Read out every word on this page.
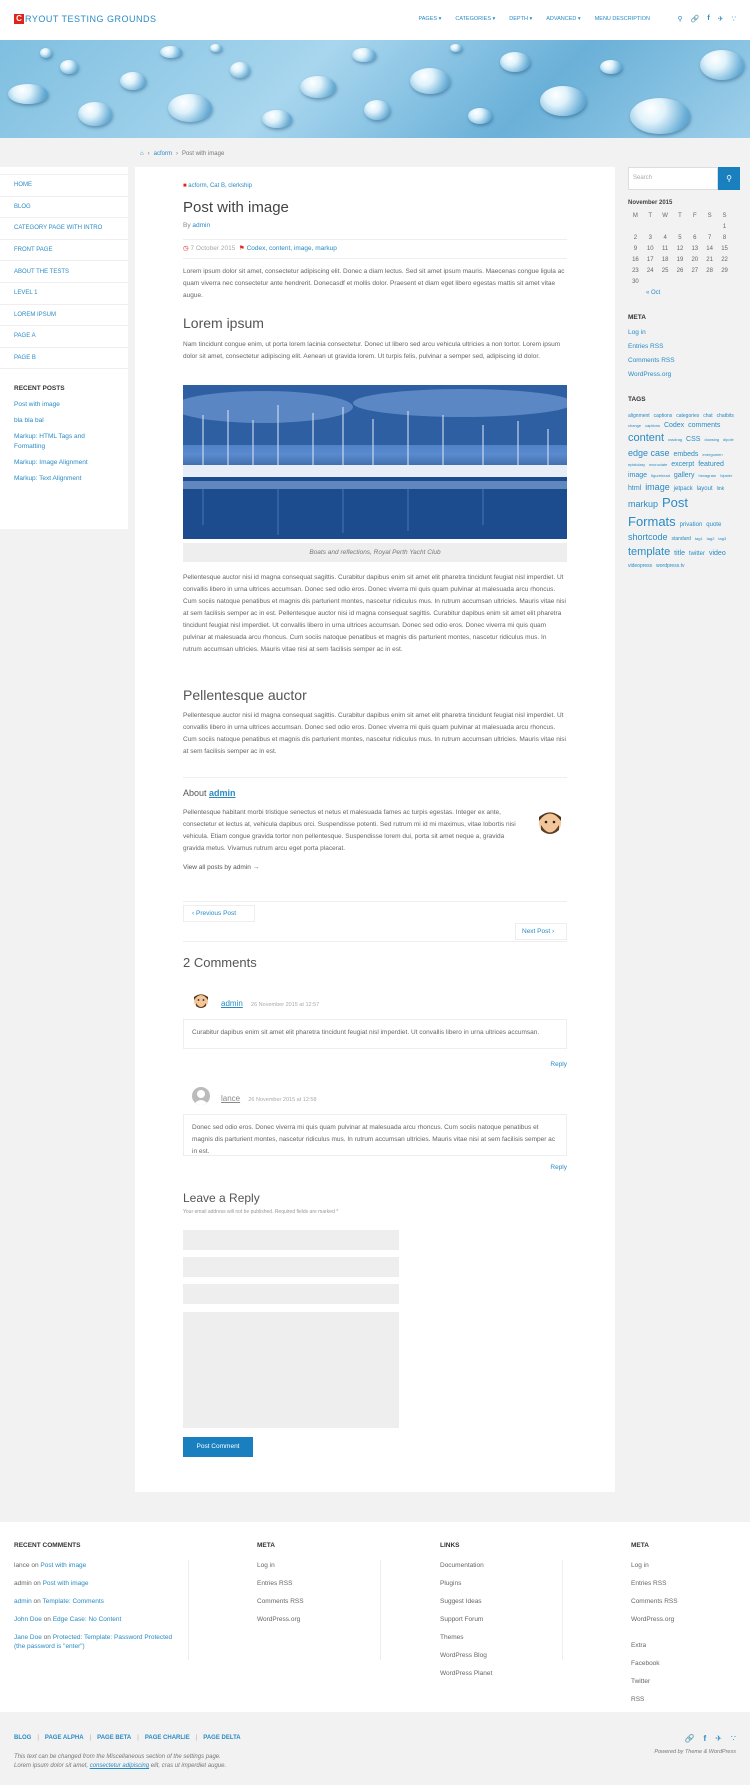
C RYOUT TESTING GROUNDS	PAGES ▾	CATEGORIES ▾	DEPTH ▾	ADVANCED ▾	MENU DESCRIPTION	⚲ 🔗 f ✈ ∵
⌂ › acform › Post with image
HOME
BLOG
CATEGORY PAGE WITH INTRO
FRONT PAGE
ABOUT THE TESTS
LEVEL 1
LOREM IPSUM
PAGE A
PAGE B
RECENT POSTS
Post with image
bla bla bal
Markup: HTML Tags and Formatting
Markup: Image Alignment
Markup: Text Alignment
■ acform, Cat B, clerkship
Post with image
By admin
◷ 7 October 2015 ⚑ Codex, content, image, markup

Lorem ipsum dolor sit amet, consectetur adipiscing elit. Donec a diam lectus. Sed sit amet ipsum mauris. Maecenas congue ligula ac quam viverra nec consectetur ante hendrerit. Donecasdf et mollis dolor. Praesent et diam eget libero egestas mattis sit amet vitae augue.

Lorem ipsum

Nam tincidunt congue enim, ut porta lorem lacinia consectetur. Donec ut libero sed arcu vehicula ultricies a non tortor. Lorem ipsum dolor sit amet, consectetur adipiscing elit. Aenean ut gravida lorem. Ut turpis felis, pulvinar a semper sed, adipiscing id dolor.

Boats and reflections, Royal Perth Yacht Club

Pellentesque auctor nisi id magna consequat sagittis. Curabitur dapibus enim sit amet elit pharetra tincidunt feugiat nisl imperdiet. Ut convallis libero in urna ultrices accumsan. Donec sed odio eros. Donec viverra mi quis quam pulvinar at malesuada arcu rhoncus. Cum sociis natoque penatibus et magnis dis parturient montes, nascetur ridiculus mus. In rutrum accumsan ultricies. Mauris vitae nisi at sem facilisis semper ac in est. Pellentesque auctor nisi id magna consequat sagittis. Curabitur dapibus enim sit amet elit pharetra tincidunt feugiat nisl imperdiet. Ut convallis libero in urna ultrices accumsan. Donec sed odio eros. Donec viverra mi quis quam pulvinar at malesuada arcu rhoncus. Cum sociis natoque penatibus et magnis dis parturient montes, nascetur ridiculus mus. In rutrum accumsan ultricies. Mauris vitae nisi at sem facilisis semper ac in est.

Pellentesque auctor

Pellentesque auctor nisi id magna consequat sagittis. Curabitur dapibus enim sit amet elit pharetra tincidunt feugiat nisl imperdiet. Ut convallis libero in urna ultrices accumsan. Donec sed odio eros. Donec viverra mi quis quam pulvinar at malesuada arcu rhoncus. Cum sociis natoque penatibus et magnis dis parturient montes, nascetur ridiculus mus. In rutrum accumsan ultricies. Mauris vitae nisi at sem facilisis semper ac in est.

About admin

Pellentesque habitant morbi tristique senectus et netus et malesuada fames ac turpis egestas. Integer ex ante, consectetur et lectus at, vehicula dapibus orci. Suspendisse potenti. Sed rutrum mi id mi maximus, vitae lobortis nisi vehicula. Etiam congue gravida tortor non pellentesque. Suspendisse lorem dui, porta sit amet neque a, gravida gravida metus. Vivamus rutrum arcu eget porta placerat.

View all posts by admin →
‹ Previous Post
Next Post ›
2 Comments
admin 26 November 2015 at 12:57
Curabitur dapibus enim sit amet elit pharetra tincidunt feugiat nisl imperdiet. Ut convallis libero in urna ultrices accumsan.
Reply
lance 26 November 2015 at 12:58
Donec sed odio eros. Donec viverra mi quis quam pulvinar at malesuada arcu rhoncus. Cum sociis natoque penatibus et magnis dis parturient montes, nascetur ridiculus mus. In rutrum accumsan ultricies. Mauris vitae nisi at sem facilisis semper ac in est.
Reply
Leave a Reply
Your email address will not be published. Required fields are marked *
Post Comment
Search	⚲
November 2015
M	T	W	T	F	S	S
						1
2	3	4	5	6	7	8
9	10	11	12	13	14	15
16	17	18	19	20	21	22
23	24	25	26	27	28	29
30						
« Oct
META
Log in
Entries RSS
Comments RSS
WordPress.org
TAGS
alignment captions categories chat chatbits change captions Codex comments content cssdrag CSS dowsing dipole edge case embeds energumen epistolary excruciate excerpt featured image figurehead gallery hexagram hipster html image jetpack layout link markup Post Formats privation quote shortcode standard tag1 tag2 tag3 template title twitter video videopress wordpress.tv
RECENT COMMENTS
lance on Post with image
admin on Post with image
admin on Template: Comments
John Doe on Edge Case: No Content
Jane Doe on Protected: Template: Password Protected (the password is "enter")
META
Log in
Entries RSS
Comments RSS
WordPress.org
LINKS
Documentation
Plugins
Suggest Ideas
Support Forum
Themes
WordPress Blog
WordPress Planet
META
Log in
Entries RSS
Comments RSS
WordPress.org
Extra
Facebook
Twitter
RSS
BLOG | PAGE ALPHA | PAGE BETA | PAGE CHARLIE | PAGE DELTA
This text can be changed from the Miscellaneous section of the settings page.
Lorem ipsum dolor sit amet, consectetur adipiscing elit, cras ut imperdiet augue.
🔗 f ✈ ∵
Powered by Theme & WordPress
